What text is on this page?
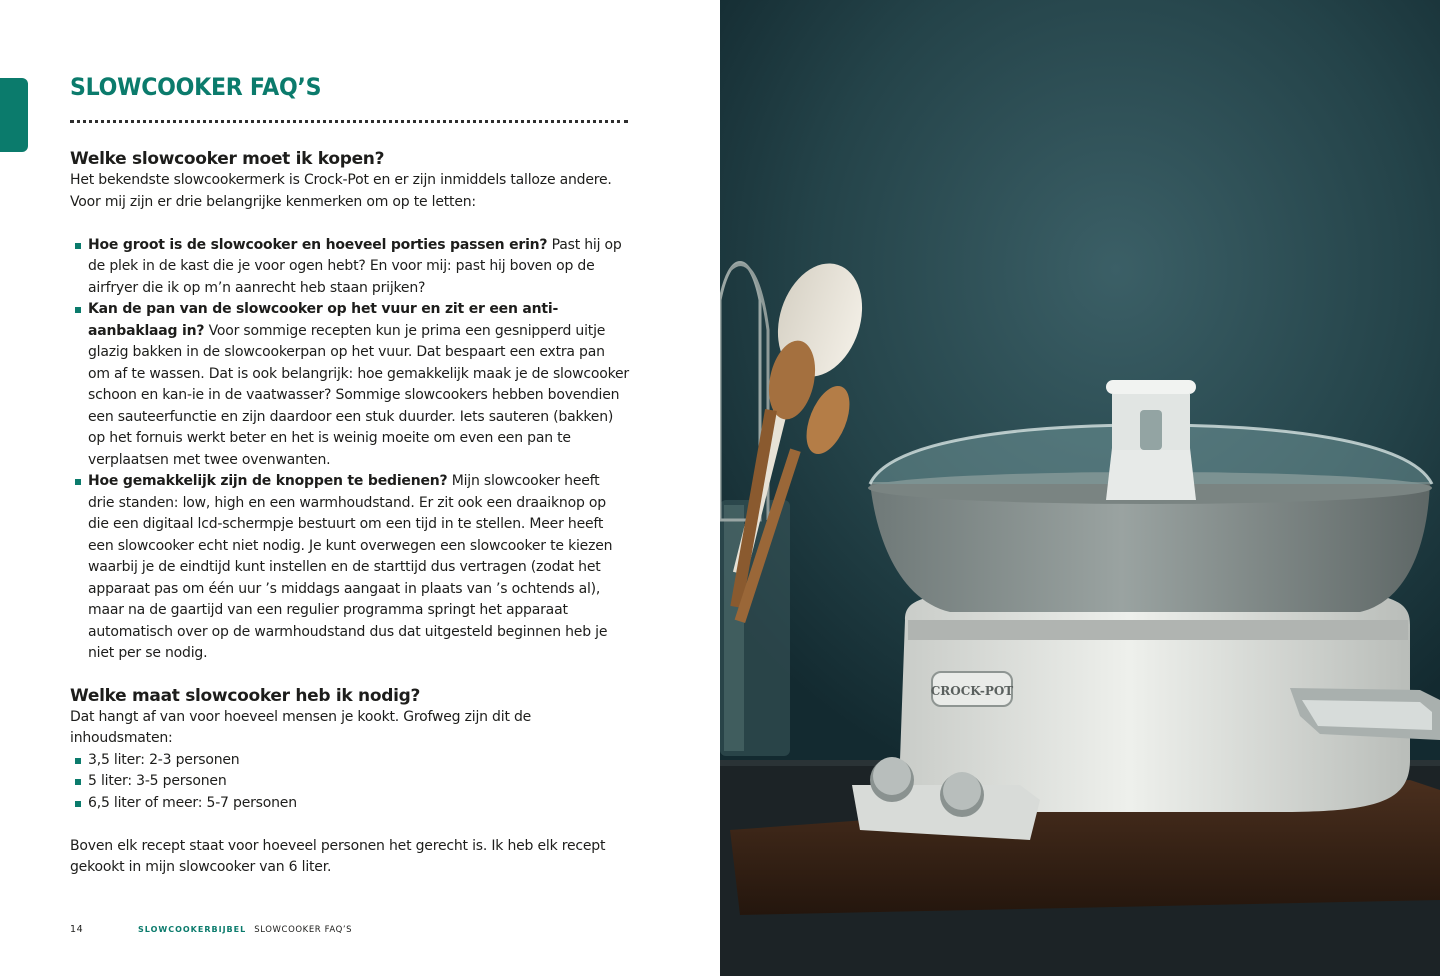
SLOWCOOKER FAQ’S
Welke slowcooker moet ik kopen?

Het bekendste slowcookermerk is Crock-Pot en er zijn inmiddels talloze andere. Voor mij zijn er drie belangrijke kenmerken om op te letten:

Hoe groot is de slowcooker en hoeveel porties passen erin? Past hij op de plek in de kast die je voor ogen hebt? En voor mij: past hij boven op de airfryer die ik op m’n aanrecht heb staan prijken?
Kan de pan van de slowcooker op het vuur en zit er een anti-aanbaklaag in? Voor sommige recepten kun je prima een gesnipperd uitje glazig bakken in de slowcookerpan op het vuur. Dat bespaart een extra pan om af te wassen. Dat is ook belangrijk: hoe gemakkelijk maak je de slowcooker schoon en kan-ie in de vaatwasser? Sommige slowcookers hebben bovendien een sauteerfunctie en zijn daardoor een stuk duurder. Iets sauteren (bakken) op het fornuis werkt beter en het is weinig moeite om even een pan te verplaatsen met twee ovenwanten.
Hoe gemakkelijk zijn de knoppen te bedienen? Mijn slowcooker heeft drie standen: low, high en een warmhoudstand. Er zit ook een draaiknop op die een digitaal lcd-schermpje bestuurt om een tijd in te stellen. Meer heeft een slowcooker echt niet nodig. Je kunt overwegen een slowcooker te kiezen waarbij je de eindtijd kunt instellen en de starttijd dus vertragen (zodat het apparaat pas om één uur ’s middags aangaat in plaats van ’s ochtends al), maar na de gaartijd van een regulier programma springt het apparaat automatisch over op de warmhoudstand dus dat uitgesteld beginnen heb je niet per se nodig.
Welke maat slowcooker heb ik nodig?

Dat hangt af van voor hoeveel mensen je kookt. Grofweg zijn dit de inhoudsmaten:

3,5 liter: 2-3 personen
5 liter: 3-5 personen
6,5 liter of meer: 5-7 personen

Boven elk recept staat voor hoeveel personen het gerecht is. Ik heb elk recept gekookt in mijn slowcooker van 6 liter.

14	SLOWCOOKERBIJBEL SLOWCOOKER FAQ’S
CROCK-POT
